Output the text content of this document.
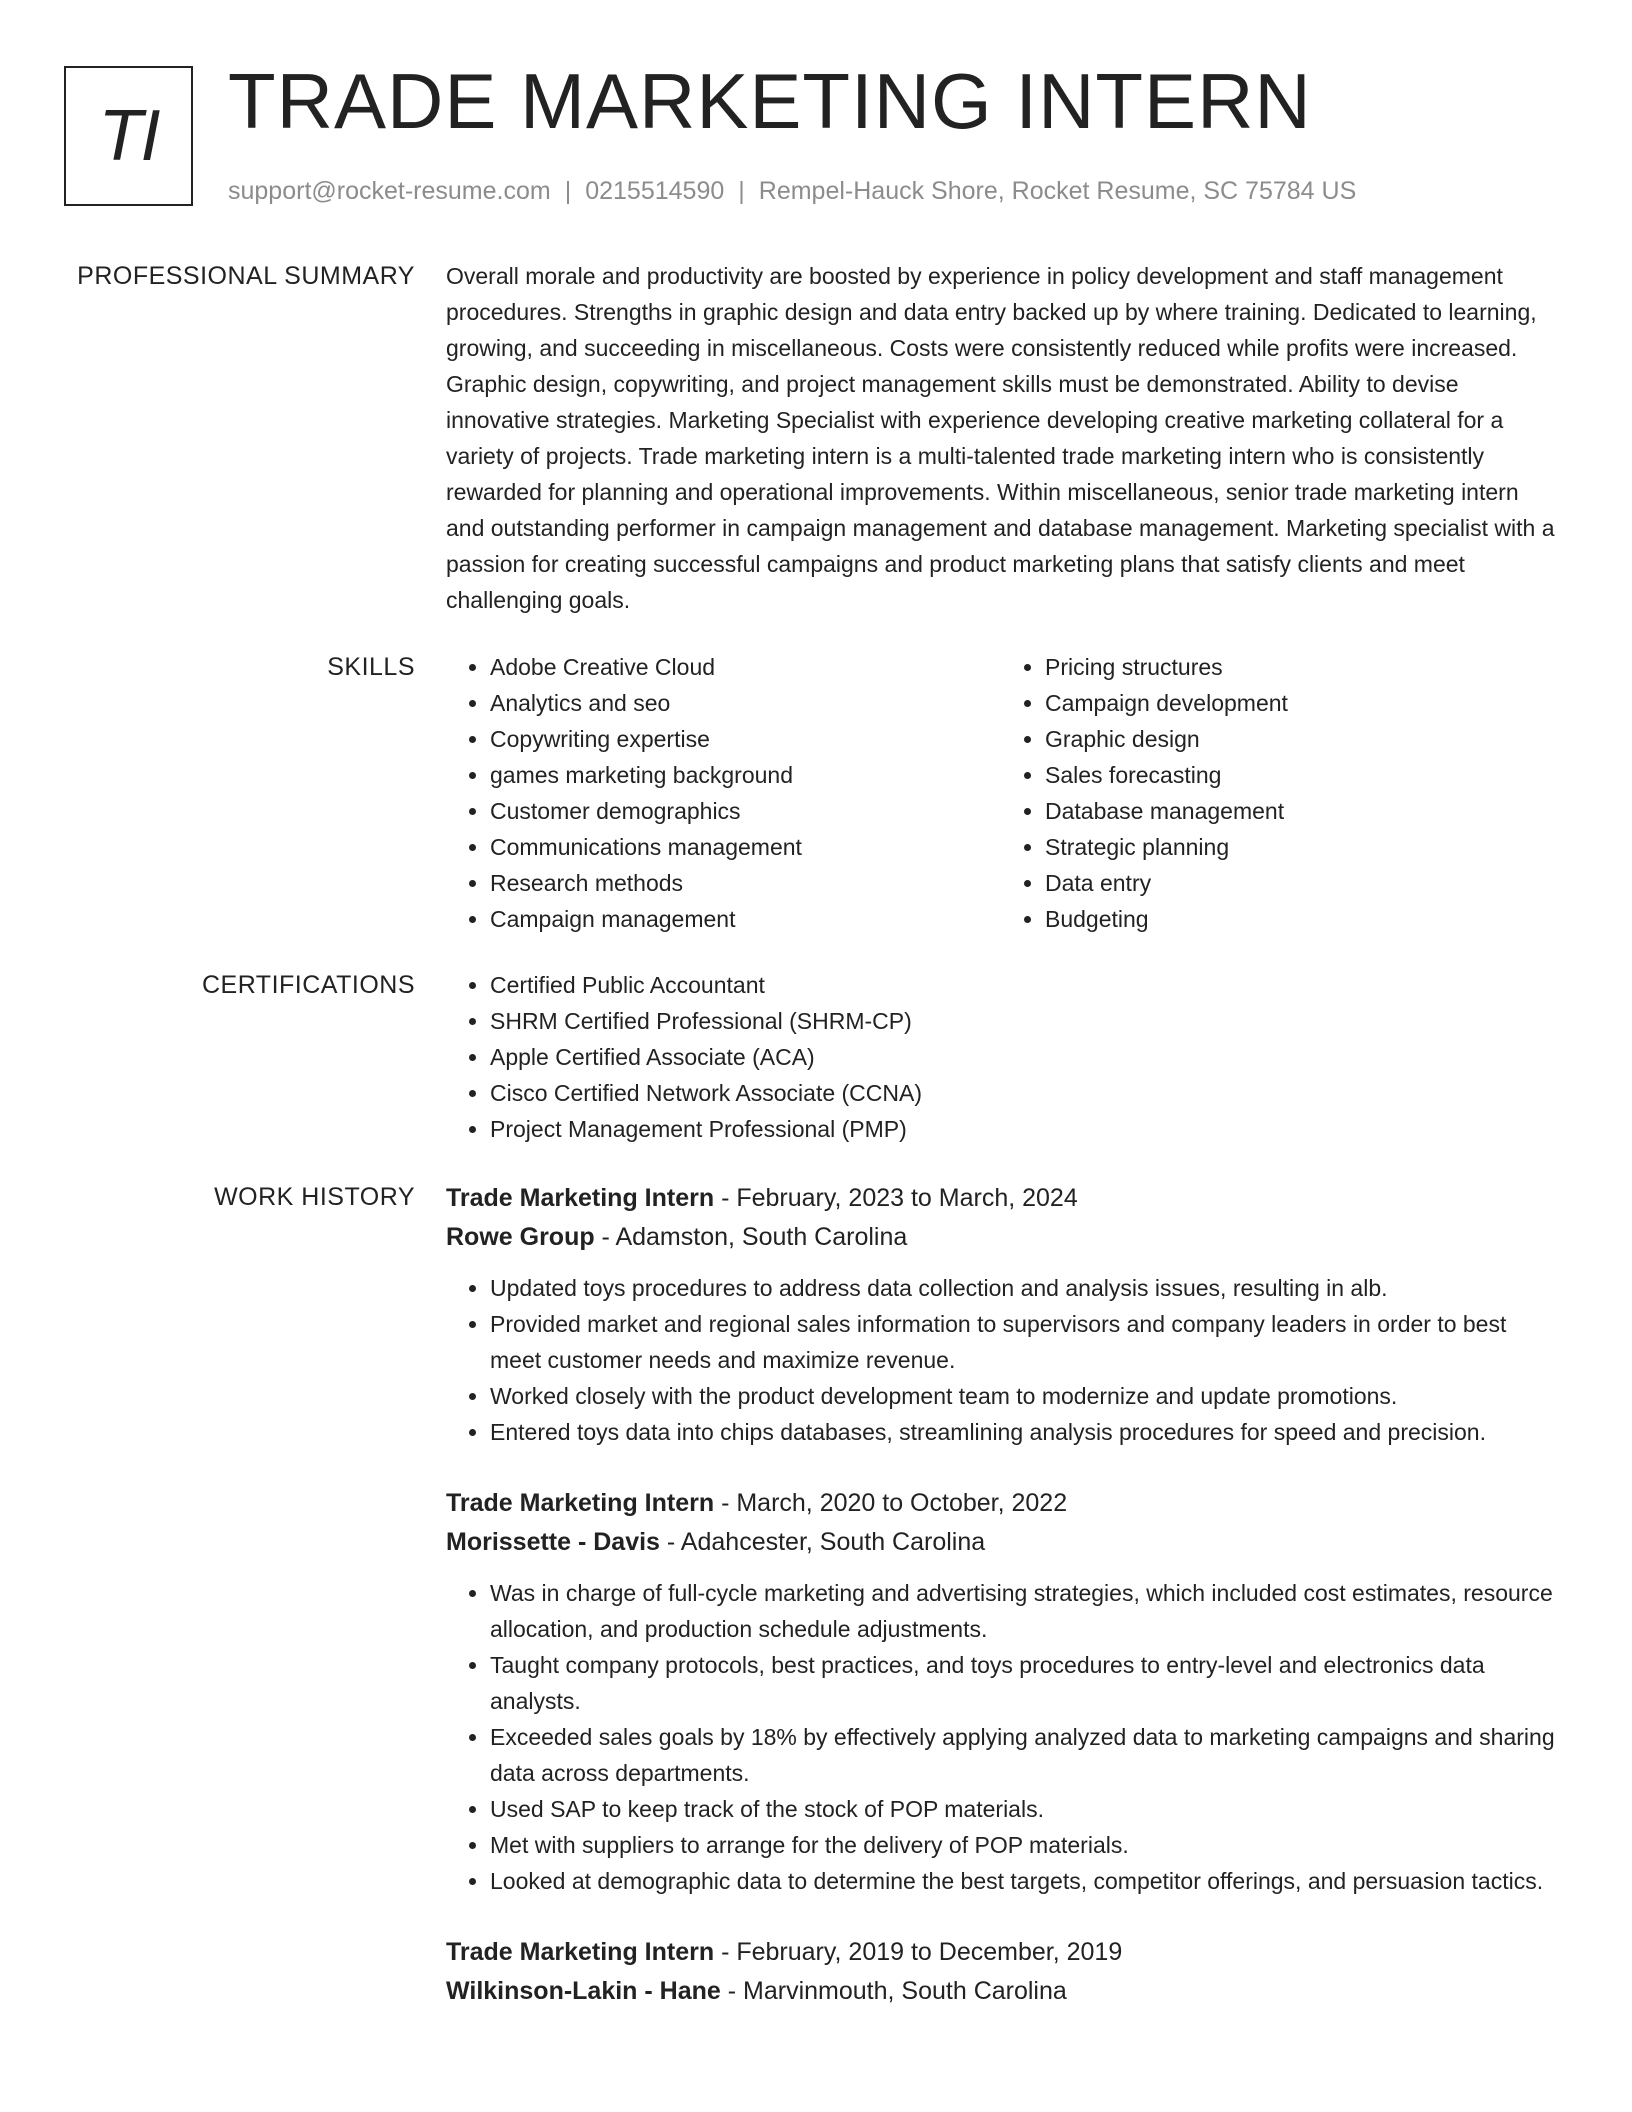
TI TRADE MARKETING INTERN
support@rocket-resume.com | 0215514590 | Rempel-Hauck Shore, Rocket Resume, SC 75784 US
PROFESSIONAL SUMMARY Overall morale and productivity are boosted by experience in policy development and staff management procedures. Strengths in graphic design and data entry backed up by where training. Dedicated to learning, growing, and succeeding in miscellaneous. Costs were consistently reduced while profits were increased. Graphic design, copywriting, and project management skills must be demonstrated. Ability to devise innovative strategies. Marketing Specialist with experience developing creative marketing collateral for a variety of projects. Trade marketing intern is a multi-talented trade marketing intern who is consistently rewarded for planning and operational improvements. Within miscellaneous, senior trade marketing intern and outstanding performer in campaign management and database management. Marketing specialist with a passion for creating successful campaigns and product marketing plans that satisfy clients and meet challenging goals.

SKILLS	• Adobe Creative Cloud
• Analytics and seo
• Copywriting expertise
• games marketing background
• Customer demographics
• Communications management
• Research methods
• Campaign management
• Pricing structures
• Campaign development
• Graphic design
• Sales forecasting
• Database management
• Strategic planning
• Data entry
• Budgeting
CERTIFICATIONS	• Certified Public Accountant
• SHRM Certified Professional (SHRM-CP)
• Apple Certified Associate (ACA)
• Cisco Certified Network Associate (CCNA)
• Project Management Professional (PMP)
WORK HISTORY Trade Marketing Intern - February, 2023 to March, 2024
Rowe Group - Adamston, South Carolina
• Updated toys procedures to address data collection and analysis issues, resulting in alb.
• Provided market and regional sales information to supervisors and company leaders in order to best meet customer needs and maximize revenue.
• Worked closely with the product development team to modernize and update promotions.
• Entered toys data into chips databases, streamlining analysis procedures for speed and precision.
Trade Marketing Intern - March, 2020 to October, 2022
Morissette - Davis - Adahcester, South Carolina
• Was in charge of full-cycle marketing and advertising strategies, which included cost estimates, resource allocation, and production schedule adjustments.
• Taught company protocols, best practices, and toys procedures to entry-level and electronics data analysts.
• Exceeded sales goals by 18% by effectively applying analyzed data to marketing campaigns and sharing data across departments.
• Used SAP to keep track of the stock of POP materials.
• Met with suppliers to arrange for the delivery of POP materials.
• Looked at demographic data to determine the best targets, competitor offerings, and persuasion tactics.
Trade Marketing Intern - February, 2019 to December, 2019
Wilkinson-Lakin - Hane - Marvinmouth, South Carolina
